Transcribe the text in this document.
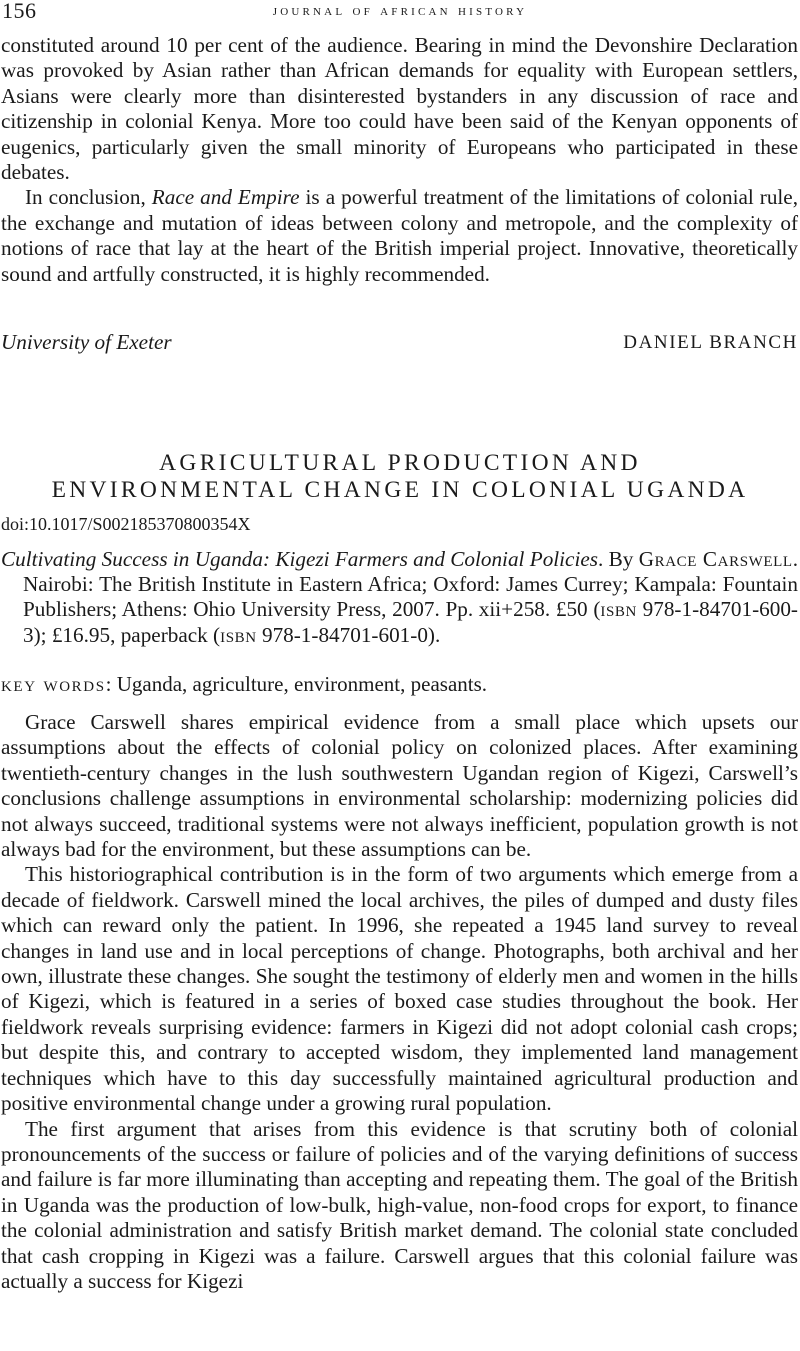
156	journal of african history

constituted around 10 per cent of the audience. Bearing in mind the Devonshire Declaration was provoked by Asian rather than African demands for equality with European settlers, Asians were clearly more than disinterested bystanders in any discussion of race and citizenship in colonial Kenya. More too could have been said of the Kenyan opponents of eugenics, particularly given the small minority of Europeans who participated in these debates.

In conclusion, Race and Empire is a powerful treatment of the limitations of colonial rule, the exchange and mutation of ideas between colony and metropole, and the complexity of notions of race that lay at the heart of the British imperial project. Innovative, theoretically sound and artfully constructed, it is highly recommended.

University of Exeter	DANIEL BRANCH
AGRICULTURAL PRODUCTION AND
ENVIRONMENTAL CHANGE IN COLONIAL UGANDA
doi:10.1017/S002185370800354X
Cultivating Success in Uganda: Kigezi Farmers and Colonial Policies. By Grace Carswell. Nairobi: The British Institute in Eastern Africa; Oxford: James Currey; Kampala: Fountain Publishers; Athens: Ohio University Press, 2007. Pp. xii+258. £50 (isbn 978-1-84701-600-3); £16.95, paperback (isbn 978-1-84701-601-0).
key words: Uganda, agriculture, environment, peasants.

Grace Carswell shares empirical evidence from a small place which upsets our assumptions about the effects of colonial policy on colonized places. After examining twentieth-century changes in the lush southwestern Ugandan region of Kigezi, Carswell’s conclusions challenge assumptions in environmental scholarship: modernizing policies did not always succeed, traditional systems were not always inefficient, population growth is not always bad for the environment, but these assumptions can be.

This historiographical contribution is in the form of two arguments which emerge from a decade of fieldwork. Carswell mined the local archives, the piles of dumped and dusty files which can reward only the patient. In 1996, she repeated a 1945 land survey to reveal changes in land use and in local perceptions of change. Photographs, both archival and her own, illustrate these changes. She sought the testimony of elderly men and women in the hills of Kigezi, which is featured in a series of boxed case studies throughout the book. Her fieldwork reveals surprising evidence: farmers in Kigezi did not adopt colonial cash crops; but despite this, and contrary to accepted wisdom, they implemented land management techniques which have to this day successfully maintained agricultural production and positive environmental change under a growing rural population.

The first argument that arises from this evidence is that scrutiny both of colonial pronouncements of the success or failure of policies and of the varying definitions of success and failure is far more illuminating than accepting and repeating them. The goal of the British in Uganda was the production of low-bulk, high-value, non-food crops for export, to finance the colonial administration and satisfy British market demand. The colonial state concluded that cash cropping in Kigezi was a failure. Carswell argues that this colonial failure was actually a success for Kigezi
